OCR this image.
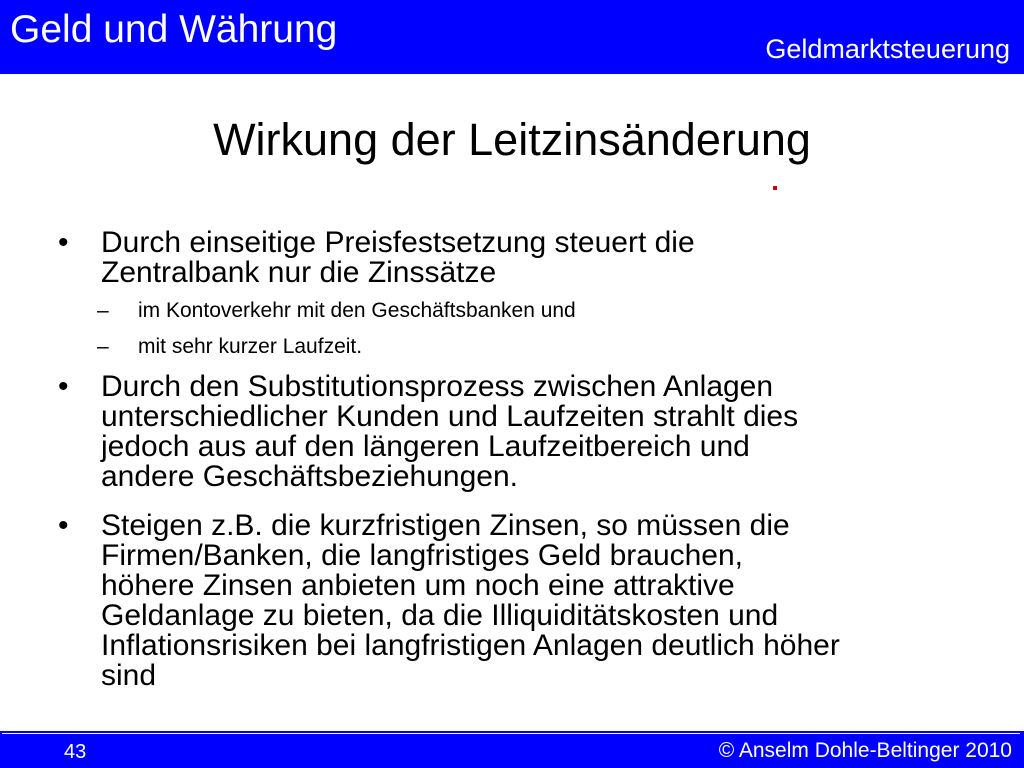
Geld und Währung	Geldmarktsteuerung
Wirkung der Leitzinsänderung
• Durch einseitige Preisfestsetzung steuert die
Zentralbank nur die Zinssätze
– im Kontoverkehr mit den Geschäftsbanken und
– mit sehr kurzer Laufzeit.
• Durch den Substitutionsprozess zwischen Anlagen
unterschiedlicher Kunden und Laufzeiten strahlt dies
jedoch aus auf den längeren Laufzeitbereich und
andere Geschäftsbeziehungen.
• Steigen z.B. die kurzfristigen Zinsen, so müssen die
Firmen/Banken, die langfristiges Geld brauchen,
höhere Zinsen anbieten um noch eine attraktive
Geldanlage zu bieten, da die Illiquiditätskosten und
Inflationsrisiken bei langfristigen Anlagen deutlich höher
sind
43	© Anselm Dohle-Beltinger 2010
